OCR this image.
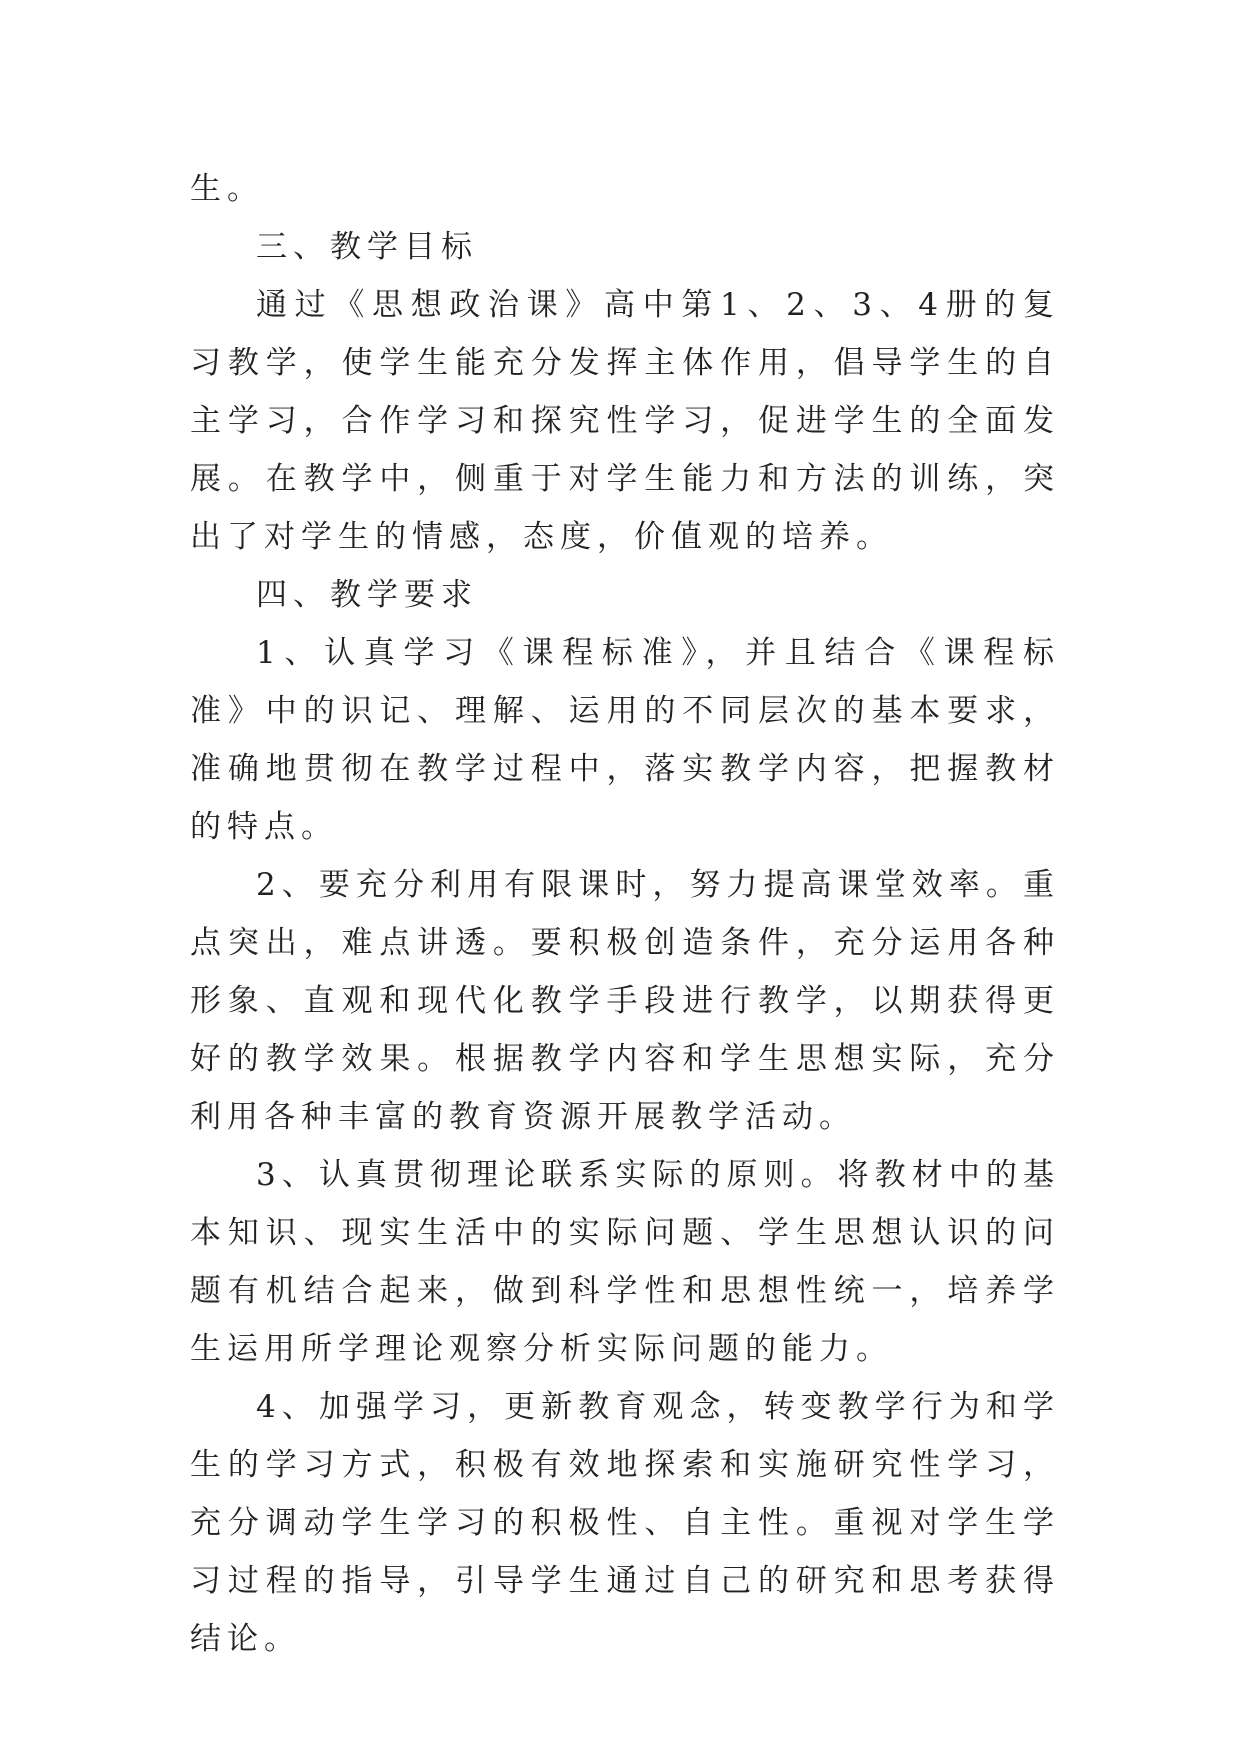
生。

三、教学目标

通过《思想政治课》高中第1、2、3、4册的复习教学，使学生能充分发挥主体作用，倡导学生的自主学习，合作学习和探究性学习，促进学生的全面发展。在教学中，侧重于对学生能力和方法的训练，突出了对学生的情感，态度，价值观的培养。

四、教学要求

1、认真学习《课程标准》，并且结合《课程标准》中的识记、理解、运用的不同层次的基本要求，准确地贯彻在教学过程中，落实教学内容，把握教材的特点。

2、要充分利用有限课时，努力提高课堂效率。重点突出，难点讲透。要积极创造条件，充分运用各种形象、直观和现代化教学手段进行教学，以期获得更好的教学效果。根据教学内容和学生思想实际，充分利用各种丰富的教育资源开展教学活动。

3、认真贯彻理论联系实际的原则。将教材中的基本知识、现实生活中的实际问题、学生思想认识的问题有机结合起来，做到科学性和思想性统一，培养学生运用所学理论观察分析实际问题的能力。

4、加强学习，更新教育观念，转变教学行为和学生的学习方式，积极有效地探索和实施研究性学习，充分调动学生学习的积极性、自主性。重视对学生学习过程的指导，引导学生通过自己的研究和思考获得结论。
